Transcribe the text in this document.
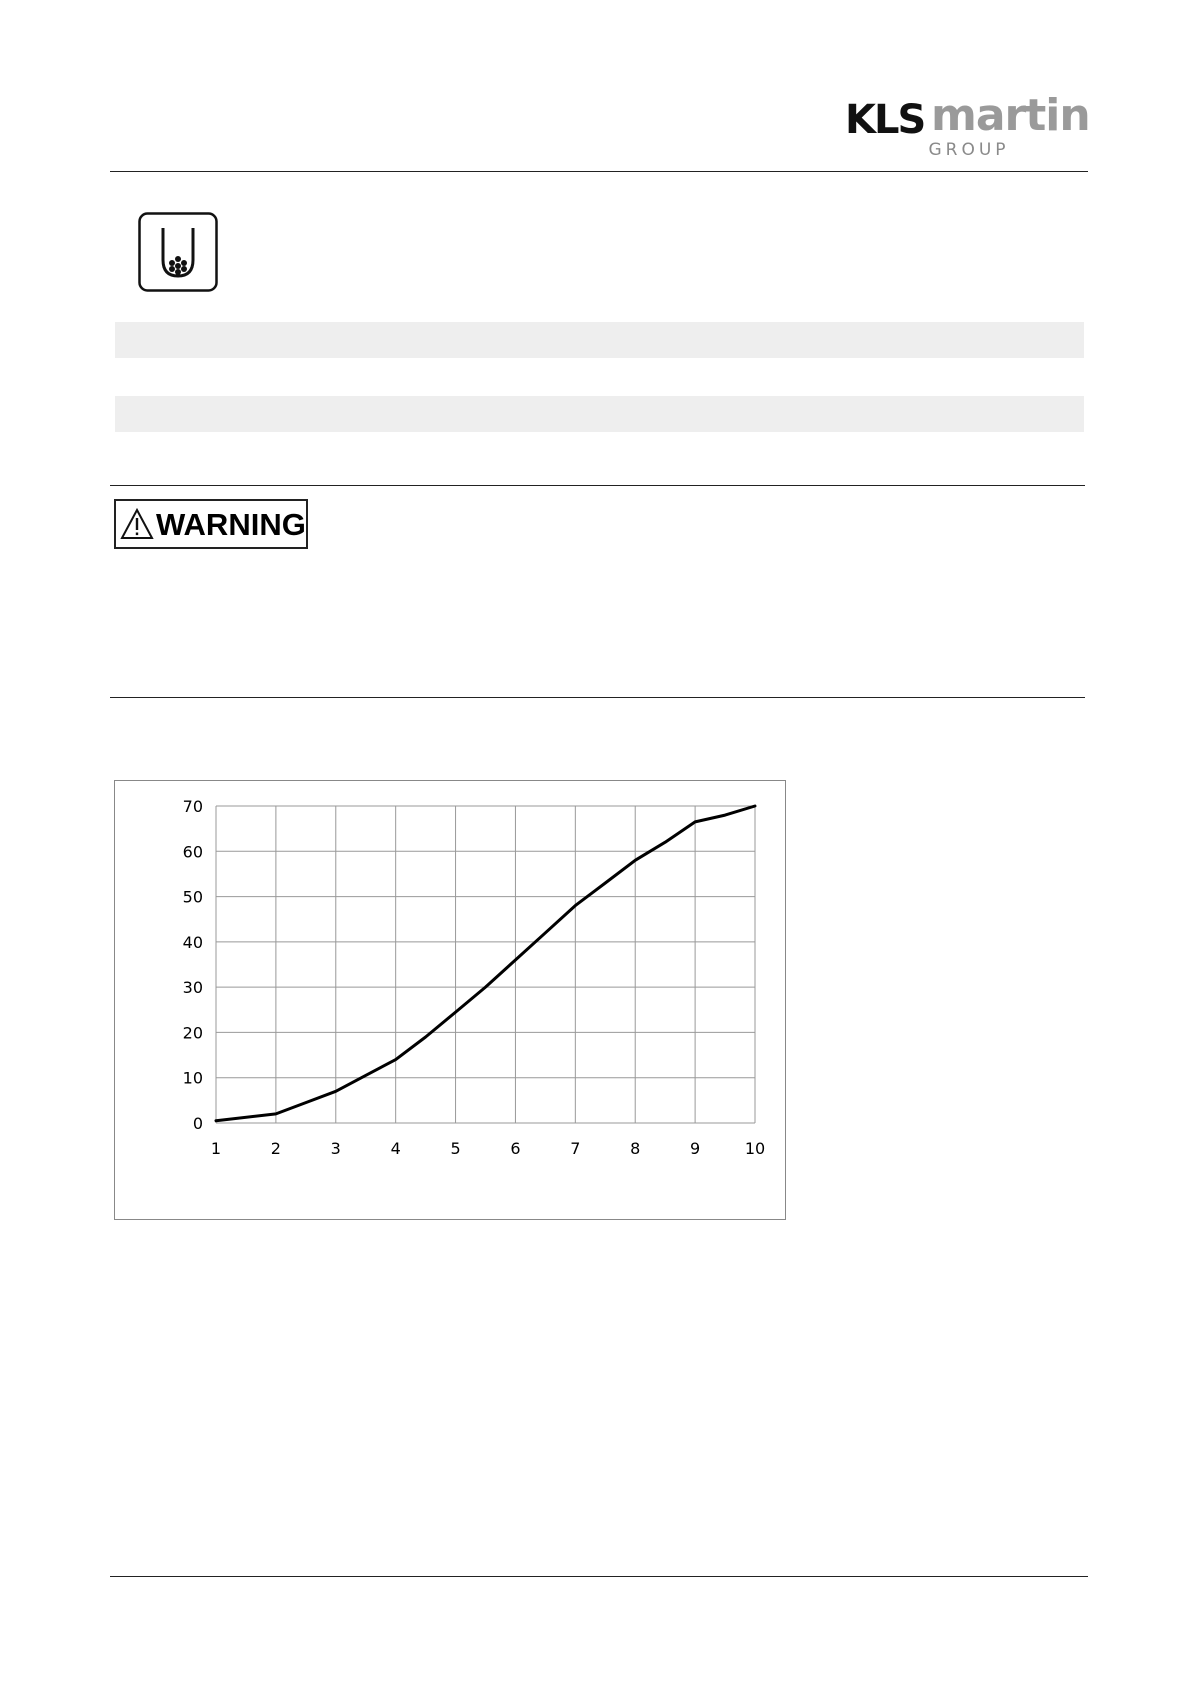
KLS martin
GROUP
WARNING
0
10
20
30
40
50
60
70
1	2	3	4	5	6	7	8	9	10
